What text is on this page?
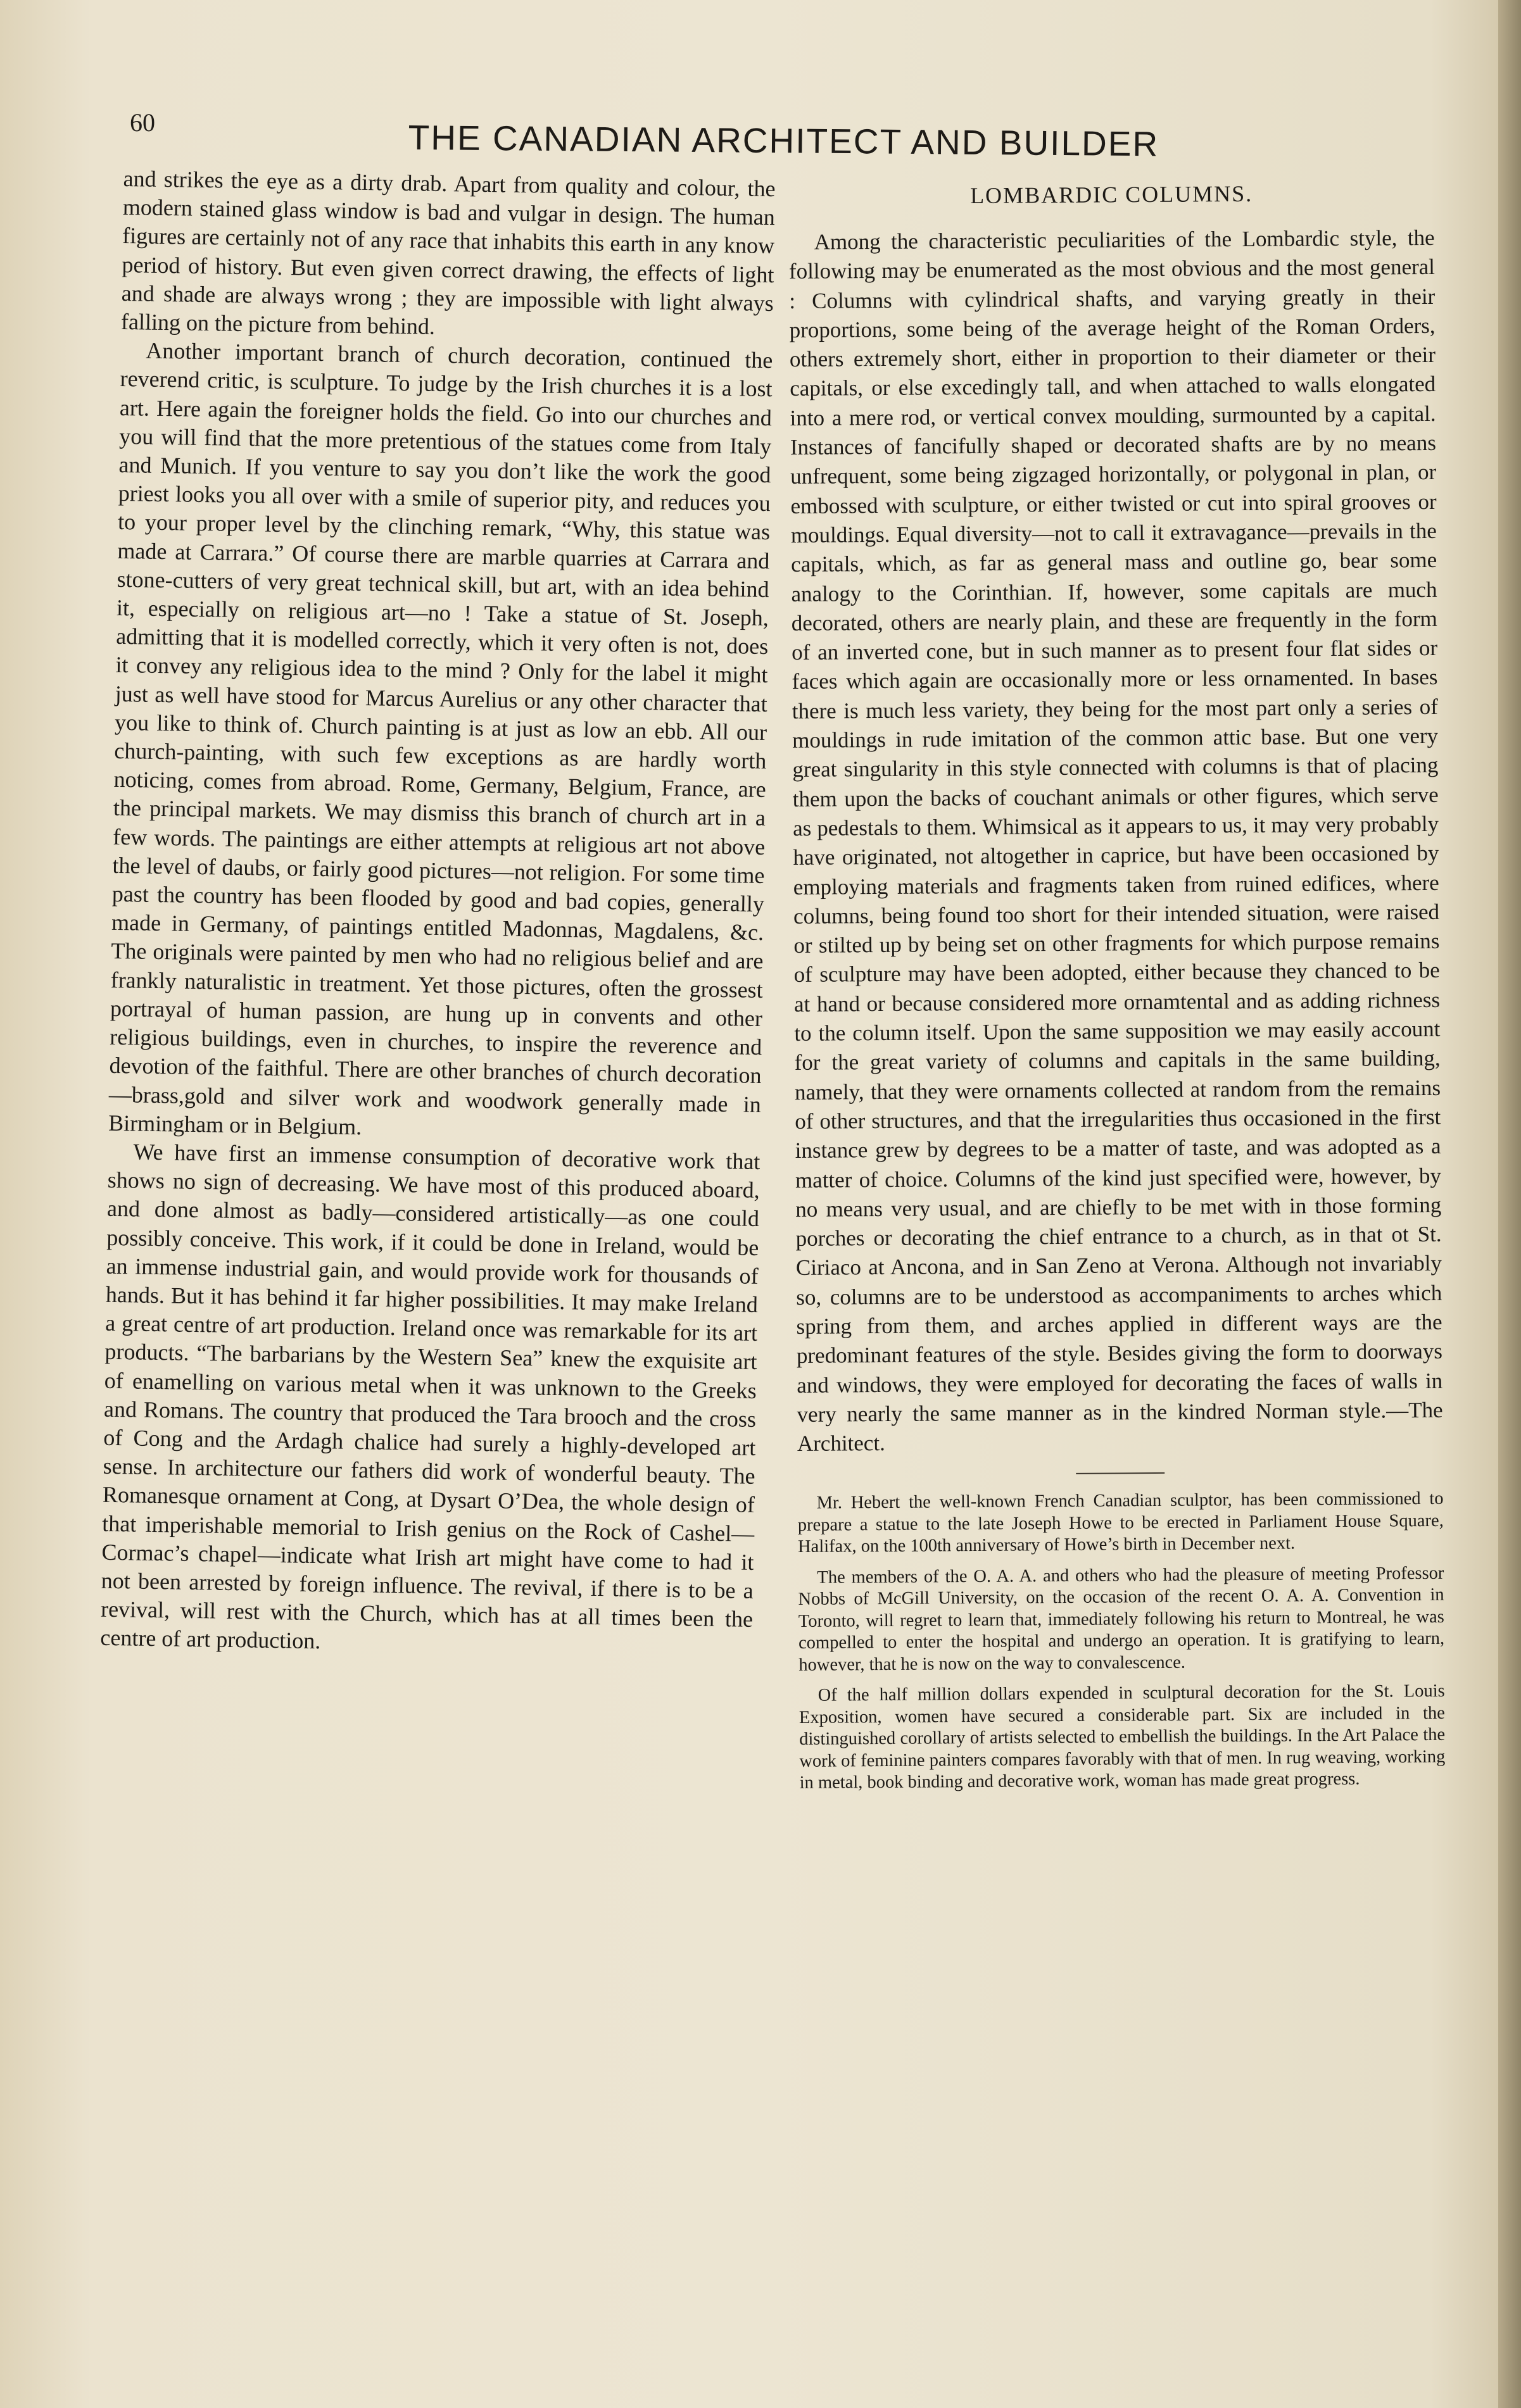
60	THE CANADIAN ARCHITECT AND BUILDER

and strikes the eye as a dirty drab. Apart from quality and colour, the modern stained glass window is bad and vulgar in design. The human figures are certainly not of any race that inhabits this earth in any know period of history. But even given correct drawing, the effects of light and shade are always wrong ; they are impossible with light always falling on the picture from behind.

Another important branch of church decoration, continued the reverend critic, is sculpture. To judge by the Irish churches it is a lost art. Here again the foreigner holds the field. Go into our churches and you will find that the more pretentious of the statues come from Italy and Munich. If you venture to say you don’t like the work the good priest looks you all over with a smile of superior pity, and reduces you to your proper level by the clinching remark, “Why, this statue was made at Carrara.” Of course there are marble quarries at Carrara and stone-cutters of very great technical skill, but art, with an idea behind it, especially on religious art—no ! Take a statue of St. Joseph, admitting that it is modelled correctly, which it very often is not, does it convey any religious idea to the mind ? Only for the label it might just as well have stood for Marcus Aurelius or any other character that you like to think of. Church painting is at just as low an ebb. All our church-painting, with such few exceptions as are hardly worth noticing, comes from abroad. Rome, Germany, Belgium, France, are the principal markets. We may dismiss this branch of church art in a few words. The paintings are either attempts at religious art not above the level of daubs, or fairly good pictures—not religion. For some time past the country has been flooded by good and bad copies, generally made in Germany, of paintings entitled Madonnas, Magdalens, &c. The originals were painted by men who had no religious belief and are frankly naturalistic in treatment. Yet those pictures, often the grossest portrayal of human passion, are hung up in convents and other religious buildings, even in churches, to inspire the reverence and devotion of the faithful. There are other branches of church decoration—brass,gold and silver work and woodwork generally made in Birmingham or in Belgium.

We have first an immense consumption of decorative work that shows no sign of decreasing. We have most of this produced aboard, and done almost as badly—considered artistically—as one could possibly conceive. This work, if it could be done in Ireland, would be an immense industrial gain, and would provide work for thousands of hands. But it has behind it far higher possibilities. It may make Ireland a great centre of art production. Ireland once was remarkable for its art products. “The barbarians by the Western Sea” knew the exquisite art of enamelling on various metal when it was unknown to the Greeks and Romans. The country that produced the Tara brooch and the cross of Cong and the Ardagh chalice had surely a highly-developed art sense. In architecture our fathers did work of wonderful beauty. The Romanesque ornament at Cong, at Dysart O’Dea, the whole design of that imperishable memorial to Irish genius on the Rock of Cashel—Cormac’s chapel—indicate what Irish art might have come to had it not been arrested by foreign influence. The revival, if there is to be a revival, will rest with the Church, which has at all times been the centre of art production.

LOMBARDIC COLUMNS.

Among the characteristic peculiarities of the Lombardic style, the following may be enumerated as the most obvious and the most general : Columns with cylindrical shafts, and varying greatly in their proportions, some being of the average height of the Roman Orders, others extremely short, either in proportion to their diameter or their capitals, or else excedingly tall, and when attached to walls elongated into a mere rod, or vertical convex moulding, surmounted by a capital. Instances of fancifully shaped or decorated shafts are by no means unfrequent, some being zigzaged horizontally, or polygonal in plan, or embossed with sculpture, or either twisted or cut into spiral grooves or mouldings. Equal diversity—not to call it extravagance—prevails in the capitals, which, as far as general mass and outline go, bear some analogy to the Corinthian. If, however, some capitals are much decorated, others are nearly plain, and these are frequently in the form of an inverted cone, but in such manner as to present four flat sides or faces which again are occasionally more or less ornamented. In bases there is much less variety, they being for the most part only a series of mouldings in rude imitation of the common attic base. But one very great singularity in this style connected with columns is that of placing them upon the backs of couchant animals or other figures, which serve as pedestals to them. Whimsical as it appears to us, it may very probably have originated, not altogether in caprice, but have been occasioned by employing materials and fragments taken from ruined edifices, where columns, being found too short for their intended situation, were raised or stilted up by being set on other fragments for which purpose remains of sculpture may have been adopted, either because they chanced to be at hand or because considered more ornamtental and as adding richness to the column itself. Upon the same supposition we may easily account for the great variety of columns and capitals in the same building, namely, that they were ornaments collected at random from the remains of other structures, and that the irregularities thus occasioned in the first instance grew by degrees to be a matter of taste, and was adopted as a matter of choice. Columns of the kind just specified were, however, by no means very usual, and are chiefly to be met with in those forming porches or decorating the chief entrance to a church, as in that ot St. Ciriaco at Ancona, and in San Zeno at Verona. Although not invariably so, columns are to be understood as accompaniments to arches which spring from them, and arches applied in different ways are the predominant features of the style. Besides giving the form to doorways and windows, they were employed for decorating the faces of walls in very nearly the same manner as in the kindred Norman style.—The Architect.

Mr. Hebert the well-known French Canadian sculptor, has been commissioned to prepare a statue to the late Joseph Howe to be erected in Parliament House Square, Halifax, on the 100th anniversary of Howe’s birth in December next.

The members of the O. A. A. and others who had the pleasure of meeting Professor Nobbs of McGill University, on the occasion of the recent O. A. A. Convention in Toronto, will regret to learn that, immediately following his return to Montreal, he was compelled to enter the hospital and undergo an operation. It is gratifying to learn, however, that he is now on the way to convalescence.

Of the half million dollars expended in sculptural decoration for the St. Louis Exposition, women have secured a considerable part. Six are included in the distinguished corollary of artists selected to embellish the buildings. In the Art Palace the work of feminine painters compares favorably with that of men. In rug weaving, working in metal, book binding and decorative work, woman has made great progress.
